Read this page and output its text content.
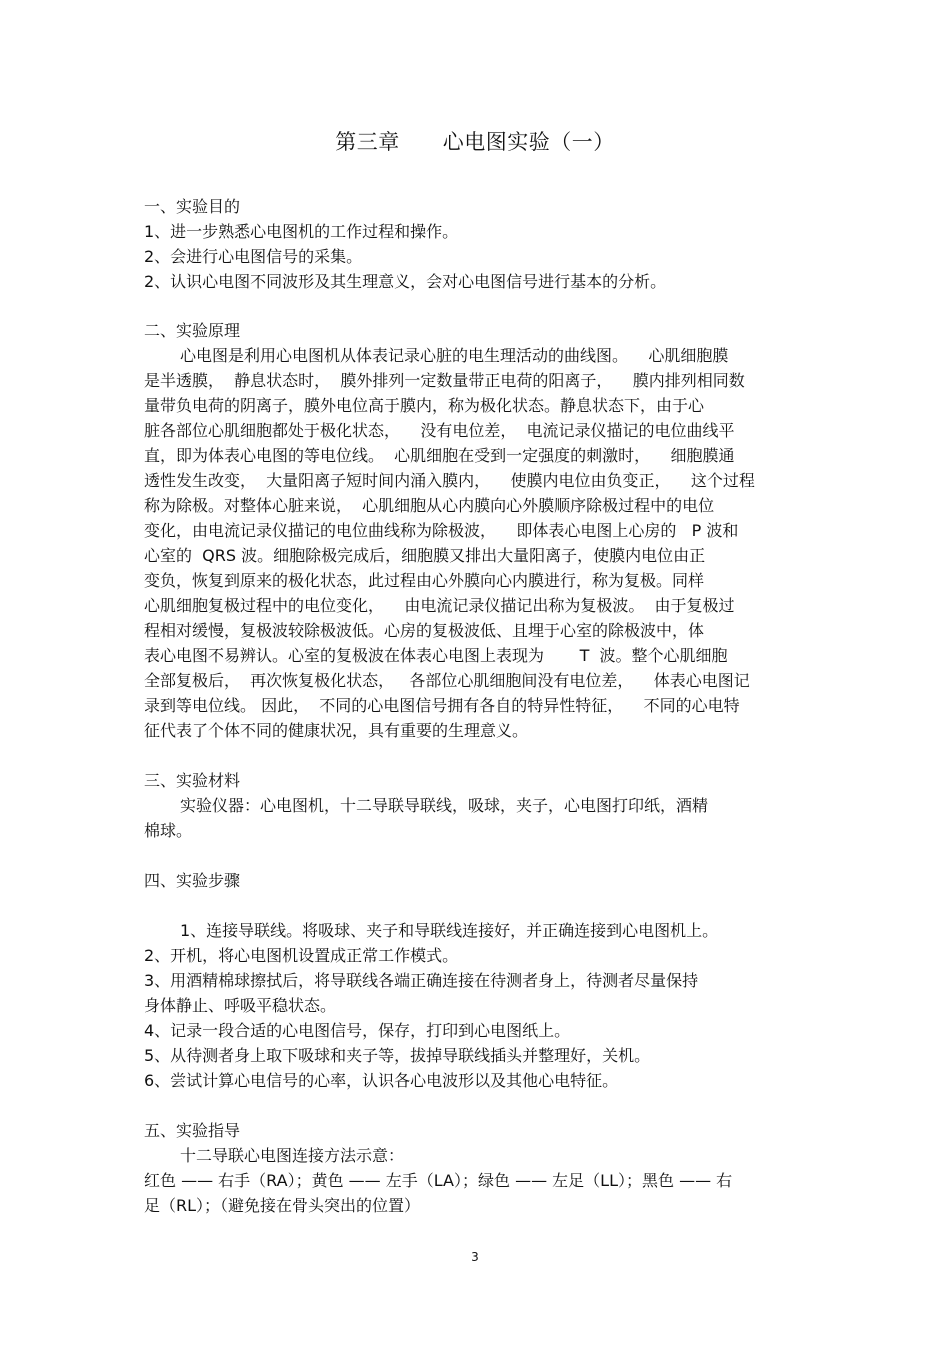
第三章      心电图实验（一）
一、实验目的
1、进一步熟悉心电图机的工作过程和操作。
2、会进行心电图信号的采集。
2、认识心电图不同波形及其生理意义，会对心电图信号进行基本的分析。
二、实验原理
心电图是利用心电图机从体表记录心脏的电生理活动的曲线图。    心肌细胞膜
是半透膜，  静息状态时，  膜外排列一定数量带正电荷的阳离子，    膜内排列相同数
量带负电荷的阴离子，膜外电位高于膜内，称为极化状态。静息状态下，由于心
脏各部位心肌细胞都处于极化状态，    没有电位差，  电流记录仪描记的电位曲线平
直，即为体表心电图的等电位线。  心肌细胞在受到一定强度的刺激时，    细胞膜通
透性发生改变，  大量阳离子短时间内涌入膜内，    使膜内电位由负变正，    这个过程
称为除极。对整体心脏来说，  心肌细胞从心内膜向心外膜顺序除极过程中的电位
变化，由电流记录仪描记的电位曲线称为除极波，    即体表心电图上心房的   P 波和
心室的  QRS 波。细胞除极完成后，细胞膜又排出大量阳离子，使膜内电位由正
变负，恢复到原来的极化状态，此过程由心外膜向心内膜进行，称为复极。同样
心肌细胞复极过程中的电位变化，    由电流记录仪描记出称为复极波。  由于复极过
程相对缓慢，复极波较除极波低。心房的复极波低、且埋于心室的除极波中，体
表心电图不易辨认。心室的复极波在体表心电图上表现为       T  波。整个心肌细胞
全部复极后，  再次恢复极化状态，   各部位心肌细胞间没有电位差，    体表心电图记
录到等电位线。 因此，  不同的心电图信号拥有各自的特异性特征，    不同的心电特
征代表了个体不同的健康状况，具有重要的生理意义。
三、实验材料
实验仪器：心电图机，十二导联导联线，吸球，夹子，心电图打印纸，酒精
棉球。
四、实验步骤
1、连接导联线。将吸球、夹子和导联线连接好，并正确连接到心电图机上。
2、开机，将心电图机设置成正常工作模式。
3、用酒精棉球擦拭后，将导联线各端正确连接在待测者身上，待测者尽量保持
身体静止、呼吸平稳状态。
4、记录一段合适的心电图信号，保存，打印到心电图纸上。
5、从待测者身上取下吸球和夹子等，拔掉导联线插头并整理好，关机。
6、尝试计算心电信号的心率，认识各心电波形以及其他心电特征。
五、实验指导
十二导联心电图连接方法示意：
红色 —— 右手（RA）；黄色 —— 左手（LA）；绿色 —— 左足（LL）；黑色 —— 右
足（RL）；（避免接在骨头突出的位置）
3
